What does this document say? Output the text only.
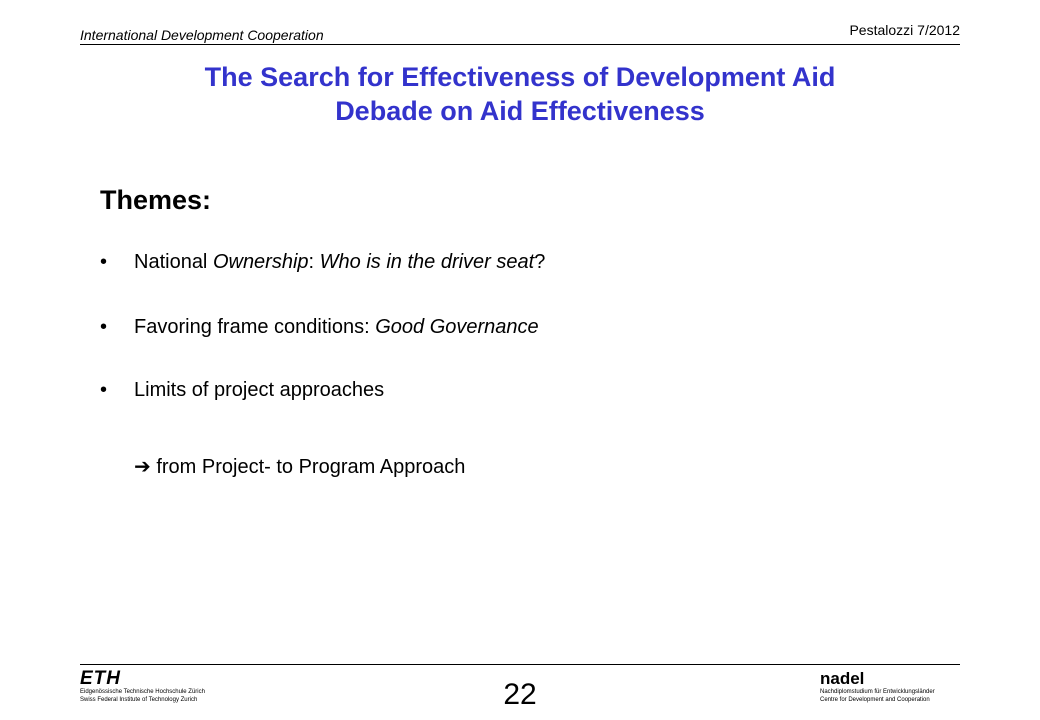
International Development Cooperation	Pestalozzi 7/2012
The Search for Effectiveness of Development Aid
Debade on Aid Effectiveness
Themes:
• National Ownership: Who is in the driver seat?
• Favoring frame conditions: Good Governance
• Limits of project approaches
➔ from Project- to Program Approach
ETH
Eidgenössische Technische Hochschule Zürich
Swiss Federal Institute of Technology Zurich	22	nadel
Nachdiplomstudium für Entwicklungsländer
Centre for Development and Cooperation
